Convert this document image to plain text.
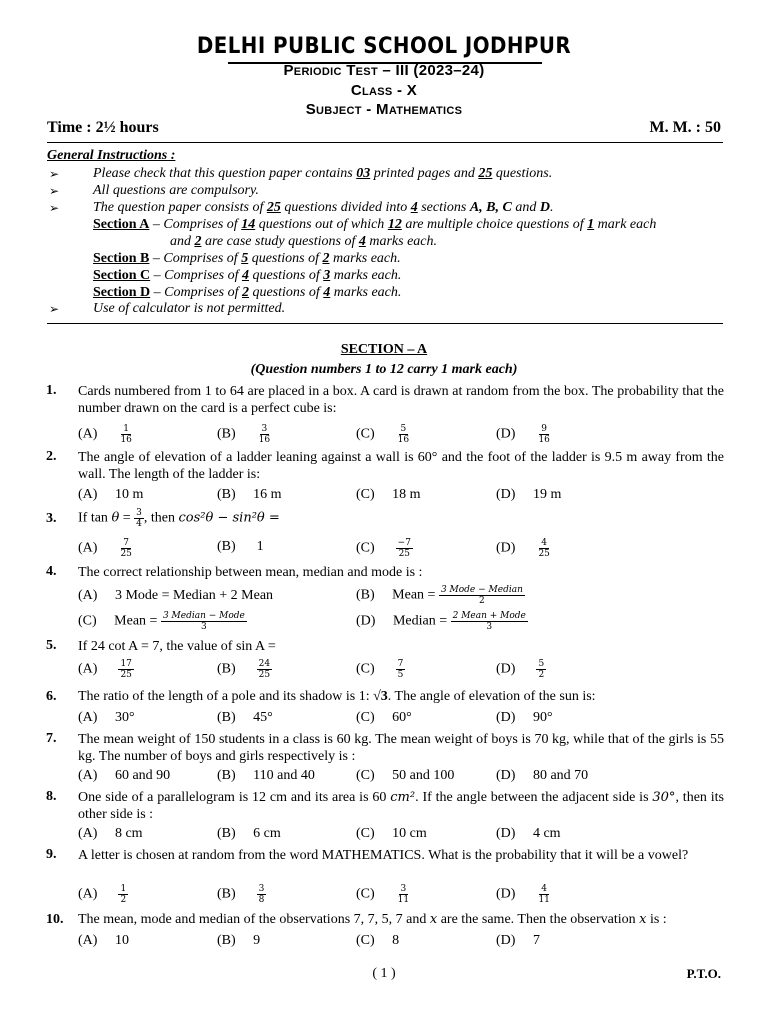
DELHI PUBLIC SCHOOL JODHPUR
Periodic Test – III (2023–24)
Class - X
Subject - Mathematics
Time : 2½ hours	M. M. : 50
General Instructions :
➢ Please check that this question paper contains 03 printed pages and 25 questions.
➢ All questions are compulsory.
➢ The question paper consists of 25 questions divided into 4 sections A, B, C and D.
Section A – Comprises of 14 questions out of which 12 are multiple choice questions of 1 mark each
and 2 are case study questions of 4 marks each.
Section B – Comprises of 5 questions of 2 marks each.
Section C – Comprises of 4 questions of 3 marks each.
Section D – Comprises of 2 questions of 4 marks each.
➢ Use of calculator is not permitted.
SECTION – A
(Question numbers 1 to 12 carry 1 mark each)
1.	Cards numbered from 1 to 64 are placed in a box. A card is drawn at random from the box. The probability that the number drawn on the card is a perfect cube is:
$(A) \frac{1}{16}$	$(B) \frac{3}{16}$	$(C) \frac{5}{16}$	$(D) \frac{9}{16}$
2.	The angle of elevation of a ladder leaning against a wall is 60° and the foot of the ladder is 9.5 m away from the wall. The length of the ladder is:
(A) 10 m	(B) 16 m	(C) 18 m	(D) 19 m
3.	If $\tan \theta = \frac{3}{4}$ , then cos²θ − sin²θ =
$(A) \frac{7}{25}$	(B) 1	$(C) \frac{-7}{25}$	$(D) \frac{4}{25}$
4.	The correct relationship between mean, median and mode is :
(A) 3 Mode = Median + 2 Mean	(B) Mean = $\frac{\text{3 Mode − Median}}{2}$
(C) Mean = $\frac{\text{3 Median − Mode}}{3}$	(D) Median = $\frac{\text{2 Mean + Mode}}{3}$
5.	If 24 cot A = 7, the value of sin A =
$(A) \frac{17}{25}$	$(B) \frac{24}{25}$	$(C) \frac{7}{5}$	$(D) \frac{5}{2}$
6.	The ratio of the length of a pole and its shadow is 1: √3. The angle of elevation of the sun is:
(A) 30°	(B) 45°	(C) 60°	(D) 90°
7.	The mean weight of 150 students in a class is 60 kg. The mean weight of boys is 70 kg, while that of the girls is 55 kg. The number of boys and girls respectively is :
(A) 60 and 90	(B) 110 and 40	(C) 50 and 100	(D) 80 and 70
8.	One side of a parallelogram is 12 cm and its area is 60 cm². If the angle between the adjacent side is 30°, then its other side is :
(A) 8 cm	(B) 6 cm	(C) 10 cm	(D) 4 cm
9.	A letter is chosen at random from the word MATHEMATICS. What is the probability that it will be a vowel?
$(A) \frac{1}{2}$	$(B) \frac{3}{8}$	$(C) \frac{3}{11}$	$(D) \frac{4}{11}$
10.	The mean, mode and median of the observations 7, 7, 5, 7 and x are the same. Then the observation x is :
(A) 10	(B) 9	(C) 8	(D) 7
( 1 )	P.T.O.
